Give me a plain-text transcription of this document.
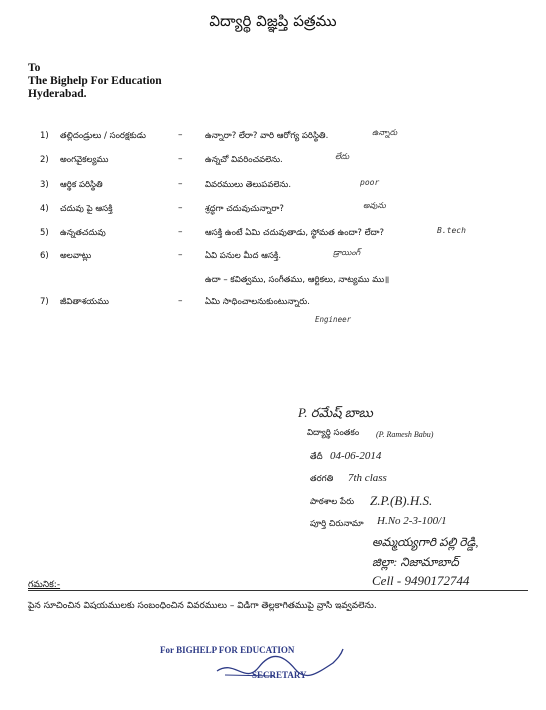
విద్యార్థి విజ్ఞప్తి పత్రము
To
The Bighelp For Education
Hyderabad.
1) తల్లిదండ్రులు / సంరక్షకుడు	–	ఉన్నారా? లేరా? వారి ఆరోగ్య పరిస్థితి.	ఉన్నారు
2) అంగవైకల్యము	–	ఉన్నచో వివరించవలెను.	లేదు
3) ఆర్థిక పరిస్థితి	–	వివరములు తెలుపవలెను.	poor
4) చదువు పై ఆసక్తి	–	శ్రద్ధగా చదువుచున్నారా?	అవును
5) ఉన్నతచదువు	–	ఆసక్తి ఉంటే ఏమి చదువుతాడు, స్థోమత ఉందా? లేదా?	B.tech
6) అలవాట్లు	–	ఏవి పనుల మీద ఆసక్తి.	డ్రాయింగ్
ఉదా – కవిత్వము, సంగీతము, ఆర్టికలు, నాట్యము ము॥
7) జీవితాశయము	–	ఏమి సాధించాలనుకుంటున్నారు.
Engineer
P. రమేష్ బాబు
విద్యార్థి సంతకం (P. Ramesh Babu)
తేదీ 04-06-2014
తరగతి 7th class
పాఠశాల పేరు Z.P.(B).H.S.
పూర్తి చిరునామా H.No 2-3-100/1
అమ్మయ్యగారి పల్లి రెడ్డి,
జిల్లా: నిజామాబాద్
Cell - 9490172744
గమనిక:-
పైన సూచించిన విషయములకు సంబంధించిన వివరములు – విడిగా తెల్లకాగితముపై వ్రాసి ఇవ్వవలెను.
For BIGHELP FOR EDUCATION
SECRETARY
